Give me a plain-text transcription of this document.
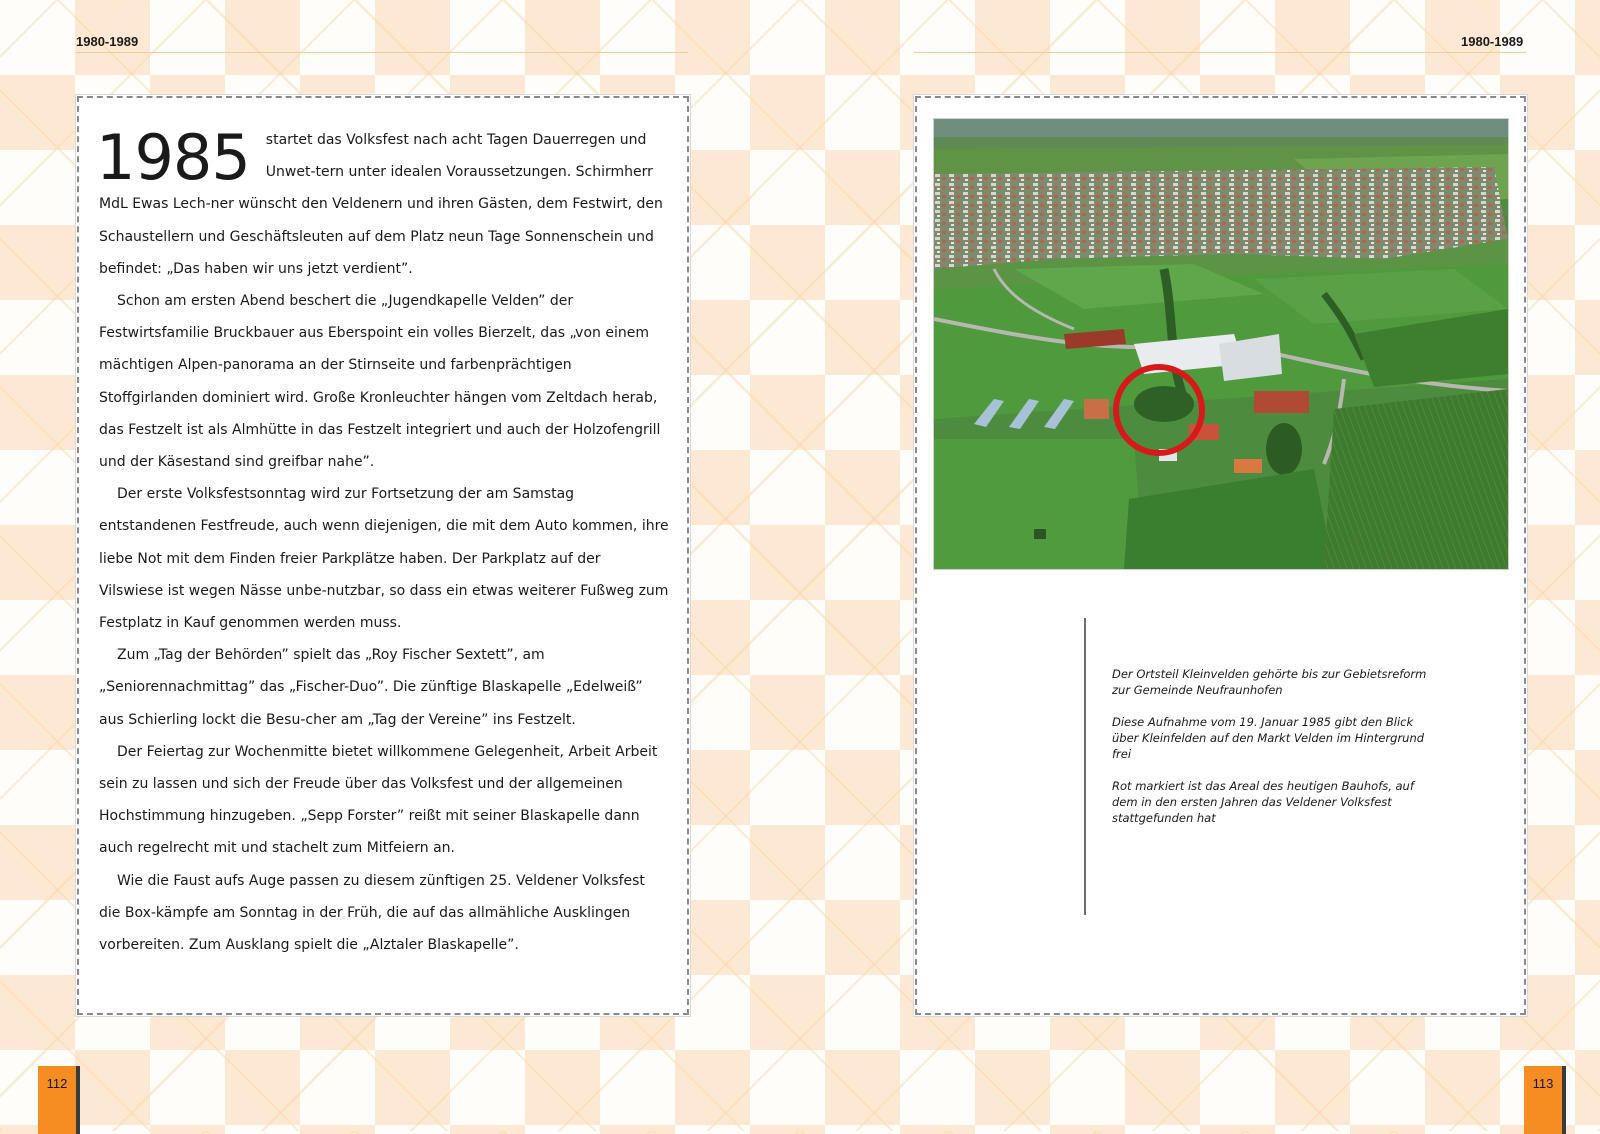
1980-1989

1985 startet das Volksfest nach acht Tagen Dauerregen und Unwet-tern unter idealen Voraussetzungen. Schirmherr MdL Ewas Lech-ner wünscht den Veldenern und ihren Gästen, dem Festwirt, den Schaustellern und Geschäftsleuten auf dem Platz neun Tage Sonnenschein und befindet: „Das haben wir uns jetzt verdient”.

Schon am ersten Abend beschert die „Jugendkapelle Velden” der Festwirtsfamilie Bruckbauer aus Eberspoint ein volles Bierzelt, das „von einem mächtigen Alpen-panorama an der Stirnseite und farbenprächtigen Stoffgirlanden dominiert wird. Große Kronleuchter hängen vom Zeltdach herab, das Festzelt ist als Almhütte in das Festzelt integriert und auch der Holzofengrill und der Käsestand sind greifbar nahe”.

Der erste Volksfestsonntag wird zur Fortsetzung der am Samstag entstandenen Festfreude, auch wenn diejenigen, die mit dem Auto kommen, ihre liebe Not mit dem Finden freier Parkplätze haben. Der Parkplatz auf der Vilswiese ist wegen Nässe unbe-nutzbar, so dass ein etwas weiterer Fußweg zum Festplatz in Kauf genommen werden muss.

Zum „Tag der Behörden” spielt das „Roy Fischer Sextett”, am „Seniorennachmittag” das „Fischer-Duo”. Die zünftige Blaskapelle „Edelweiß” aus Schierling lockt die Besu-cher am „Tag der Vereine” ins Festzelt.

Der Feiertag zur Wochenmitte bietet willkommene Gelegenheit, Arbeit Arbeit sein zu lassen und sich der Freude über das Volksfest und der allgemeinen Hochstimmung hinzugeben. „Sepp Forster” reißt mit seiner Blaskapelle dann auch regelrecht mit und stachelt zum Mitfeiern an.

Wie die Faust aufs Auge passen zu diesem zünftigen 25. Veldener Volksfest die Box-kämpfe am Sonntag in der Früh, die auf das allmähliche Ausklingen vorbereiten. Zum Ausklang spielt die „Alztaler Blaskapelle”.

112
1980-1989

Der Ortsteil Kleinvelden gehörte bis zur Gebietsreform zur Gemeinde Neufraunhofen

Diese Aufnahme vom 19. Januar 1985 gibt den Blick über Kleinfelden auf den Markt Velden im Hintergrund frei

Rot markiert ist das Areal des heutigen Bauhofs, auf dem in den ersten Jahren das Veldener Volksfest stattgefunden hat

113
